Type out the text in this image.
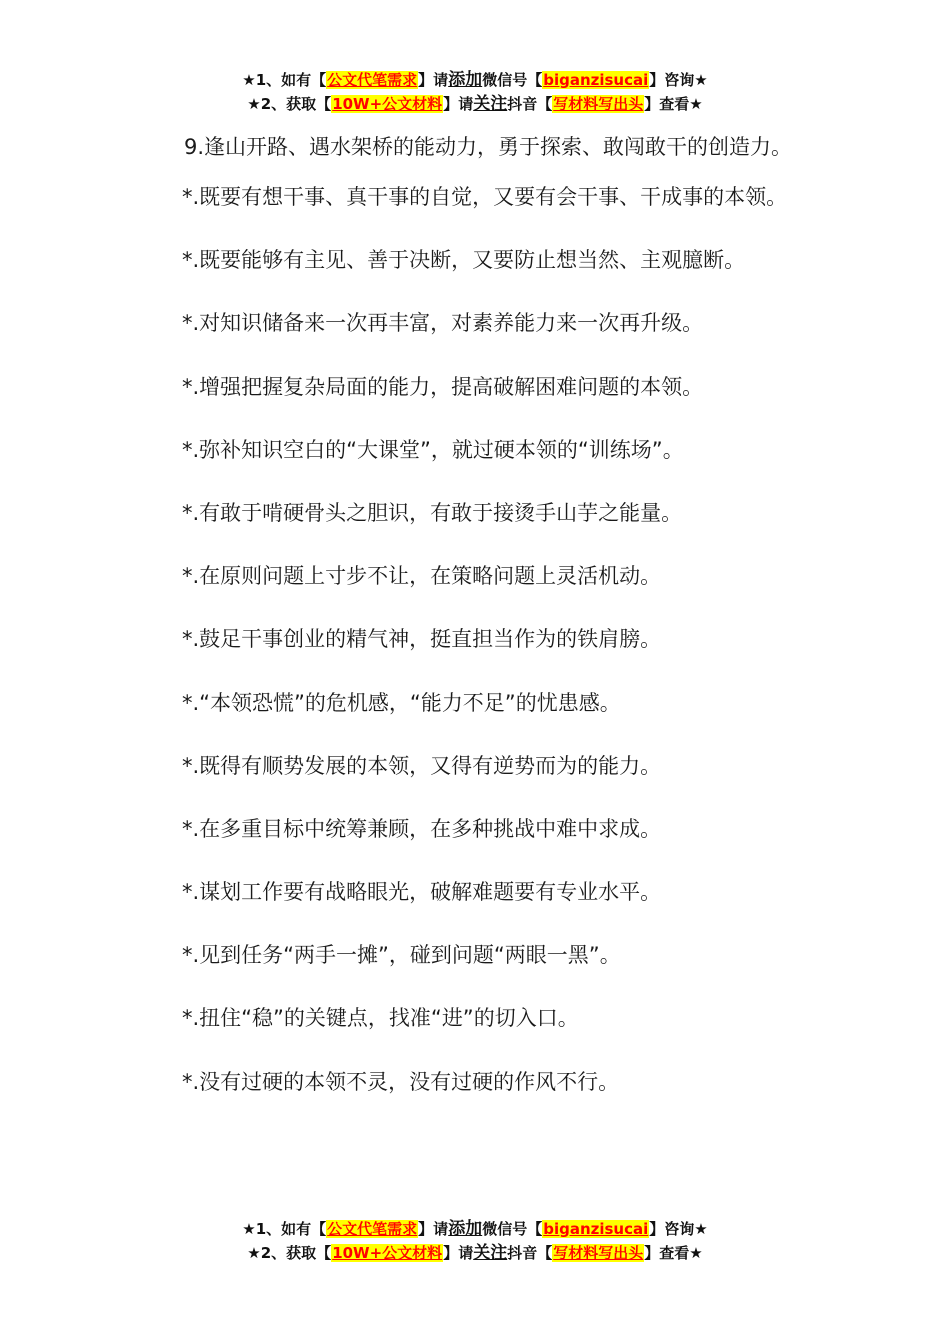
★1、如有【公文代笔需求】请添加微信号【biganzisucai】咨询★
★2、获取【10W+公文材料】请关注抖音【写材料写出头】查看★

9.逢山开路、遇水架桥的能动力，勇于探索、敢闯敢干的创造力。

*.既要有想干事、真干事的自觉，又要有会干事、干成事的本领。
*.既要能够有主见、善于决断，又要防止想当然、主观臆断。
*.对知识储备来一次再丰富，对素养能力来一次再升级。
*.增强把握复杂局面的能力，提高破解困难问题的本领。
*.弥补知识空白的“大课堂”，就过硬本领的“训练场”。
*.有敢于啃硬骨头之胆识，有敢于接烫手山芋之能量。
*.在原则问题上寸步不让，在策略问题上灵活机动。
*.鼓足干事创业的精气神，挺直担当作为的铁肩膀。
*.“本领恐慌”的危机感，“能力不足”的忧患感。
*.既得有顺势发展的本领，又得有逆势而为的能力。
*.在多重目标中统筹兼顾，在多种挑战中难中求成。
*.谋划工作要有战略眼光，破解难题要有专业水平。
*.见到任务“两手一摊”，碰到问题“两眼一黑”。
*.扭住“稳”的关键点，找准“进”的切入口。
*.没有过硬的本领不灵，没有过硬的作风不行。
★1、如有【公文代笔需求】请添加微信号【biganzisucai】咨询★
★2、获取【10W+公文材料】请关注抖音【写材料写出头】查看★
